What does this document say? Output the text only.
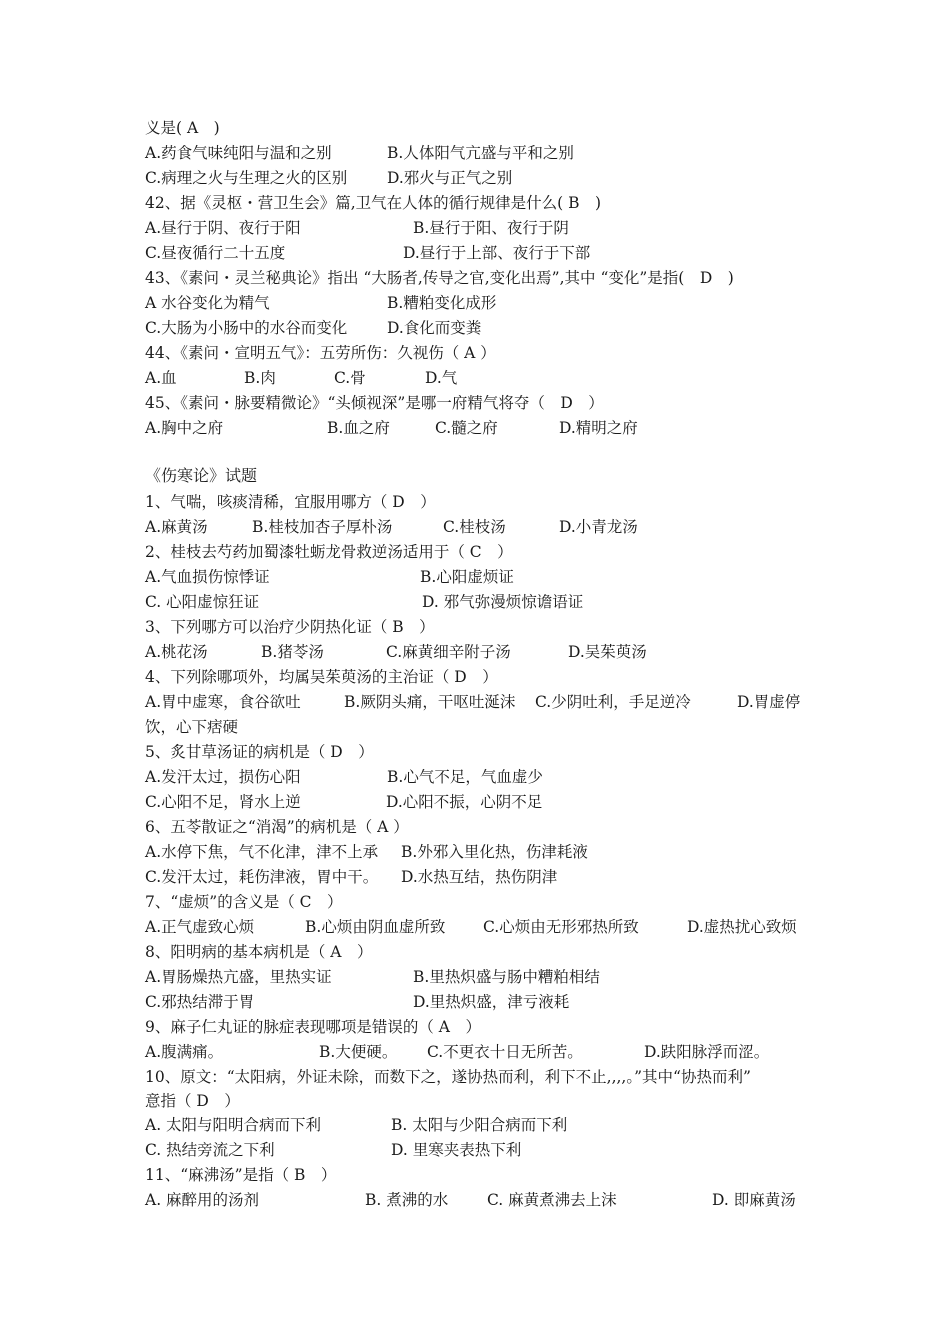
义是( A　)
A.药食气味纯阳与温和之别	B.人体阳气亢盛与平和之别
C.病理之火与生理之火的区别	D.邪火与正气之别
42、据《灵枢・营卫生会》篇,卫气在人体的循行规律是什么( B　)
A.昼行于阴、夜行于阳	B.昼行于阳、夜行于阴
C.昼夜循行二十五度	D.昼行于上部、夜行于下部
43、《素问・灵兰秘典论》指出 “大肠者,传导之官,变化出焉”,其中 “变化”是指(　D　)
A 水谷变化为精气	B.糟粕变化成形
C.大肠为小肠中的水谷而变化	D.食化而变粪
44、《素问・宣明五气》：五劳所伤：久视伤（ A ）
A.血	B.肉	C.骨	D.气
45、《素问・脉要精微论》“头倾视深”是哪一府精气将夺（　D　）
A.胸中之府	B.血之府	C.髓之府	D.精明之府
《伤寒论》试题
1、气喘，咳痰清稀，宜服用哪方（ D　）
A.麻黄汤	B.桂枝加杏子厚朴汤	C.桂枝汤	D.小青龙汤
2、桂枝去芍药加蜀漆牡蛎龙骨救逆汤适用于（ C　）
A.气血损伤惊悸证	B.心阳虚烦证
C. 心阳虚惊狂证	D. 邪气弥漫烦惊谵语证
3、下列哪方可以治疗少阴热化证（ B　）
A.桃花汤	B.猪苓汤	C.麻黄细辛附子汤	D.吴茱萸汤
4、下列除哪项外，均属吴茱萸汤的主治证（ D　）
A.胃中虚寒，食谷欲吐	B.厥阴头痛，干呕吐涎沫 C.少阴吐利，手足逆冷	D.胃虚停
饮，心下痞硬
5、炙甘草汤证的病机是（ D　）
A.发汗太过，损伤心阳	B.心气不足，气血虚少
C.心阳不足，肾水上逆	D.心阳不振，心阴不足
6、五苓散证之“消渴”的病机是（ A ）
A.水停下焦，气不化津，津不上承 B.外邪入里化热，伤津耗液
C.发汗太过，耗伤津液，胃中干。 D.水热互结，热伤阴津
7、“虚烦”的含义是（ C　）
A.正气虚致心烦	B.心烦由阴血虚所致 C.心烦由无形邪热所致	D.虚热扰心致烦
8、阳明病的基本病机是（ A　）
A.胃肠燥热亢盛，里热实证	B.里热炽盛与肠中糟粕相结
C.邪热结滞于胃	D.里热炽盛，津亏液耗
9、麻子仁丸证的脉症表现哪项是错误的（ A　）
A.腹满痛。	B.大便硬。 C.不更衣十日无所苦。	D.趺阳脉浮而涩。
10、原文：“太阳病，外证未除，而数下之，遂协热而利，利下不止,,,,。”其中“协热而利”
意指（ D　）
A. 太阳与阳明合病而下利	B. 太阳与少阳合病而下利
C. 热结旁流之下利	D. 里寒夹表热下利
11、“麻沸汤”是指（ B　）
A. 麻醉用的汤剂	B. 煮沸的水	C. 麻黄煮沸去上沫	D. 即麻黄汤
